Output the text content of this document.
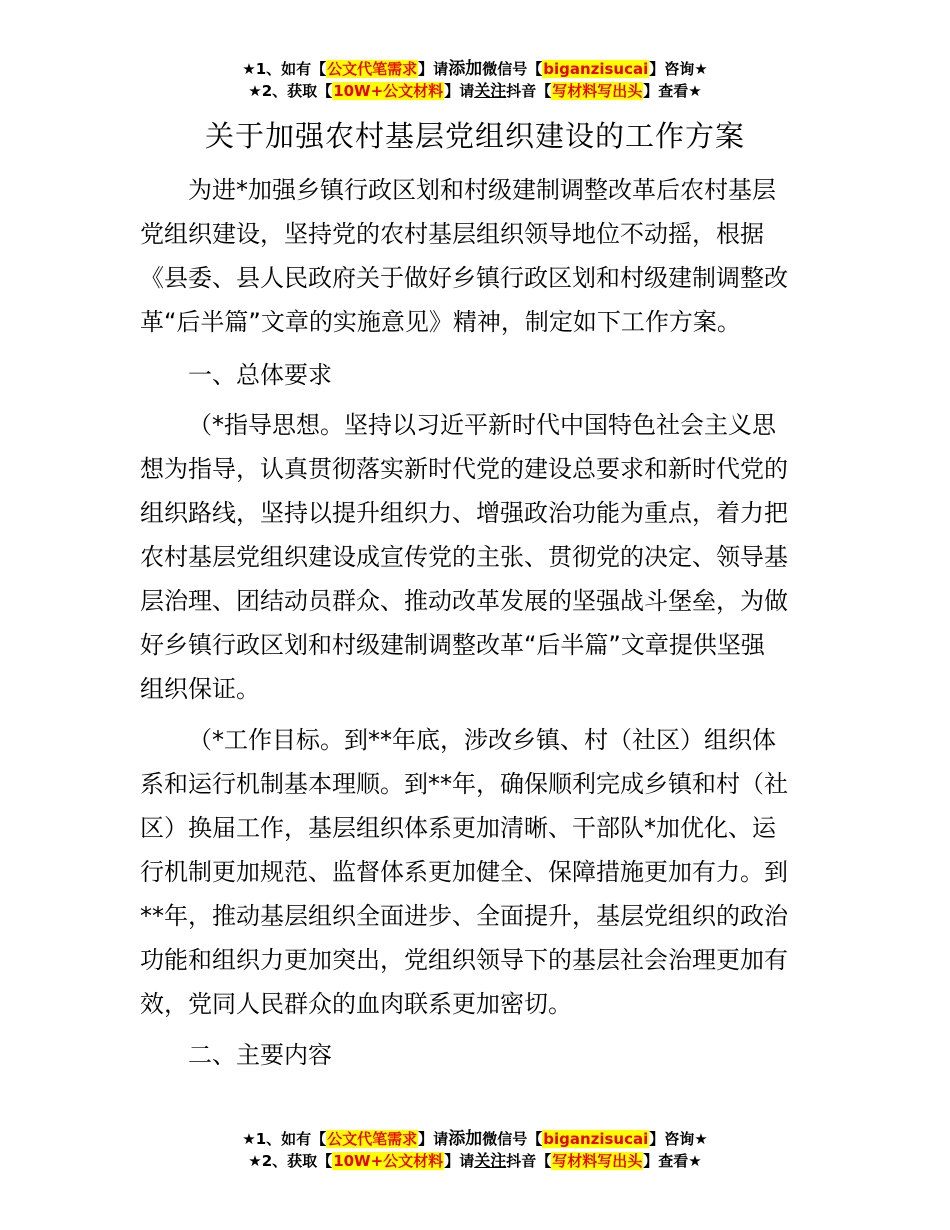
★1、如有【公文代笔需求】请添加微信号【biganzisucai】咨询★
★2、获取【10W+公文材料】请关注抖音【写材料写出头】查看★
关于加强农村基层党组织建设的工作方案
为进*加强乡镇行政区划和村级建制调整改革后农村基层
党组织建设，坚持党的农村基层组织领导地位不动摇，根据
《县委、县人民政府关于做好乡镇行政区划和村级建制调整改
革“后半篇”文章的实施意见》精神，制定如下工作方案。
一、总体要求
（*指导思想。坚持以习近平新时代中国特色社会主义思
想为指导，认真贯彻落实新时代党的建设总要求和新时代党的
组织路线，坚持以提升组织力、增强政治功能为重点，着力把
农村基层党组织建设成宣传党的主张、贯彻党的决定、领导基
层治理、团结动员群众、推动改革发展的坚强战斗堡垒，为做
好乡镇行政区划和村级建制调整改革“后半篇”文章提供坚强
组织保证。
（*工作目标。到**年底，涉改乡镇、村（社区）组织体
系和运行机制基本理顺。到**年，确保顺利完成乡镇和村（社
区）换届工作，基层组织体系更加清晰、干部队*加优化、运
行机制更加规范、监督体系更加健全、保障措施更加有力。到
**年，推动基层组织全面进步、全面提升，基层党组织的政治
功能和组织力更加突出，党组织领导下的基层社会治理更加有
效，党同人民群众的血肉联系更加密切。
二、主要内容
★1、如有【公文代笔需求】请添加微信号【biganzisucai】咨询★
★2、获取【10W+公文材料】请关注抖音【写材料写出头】查看★
